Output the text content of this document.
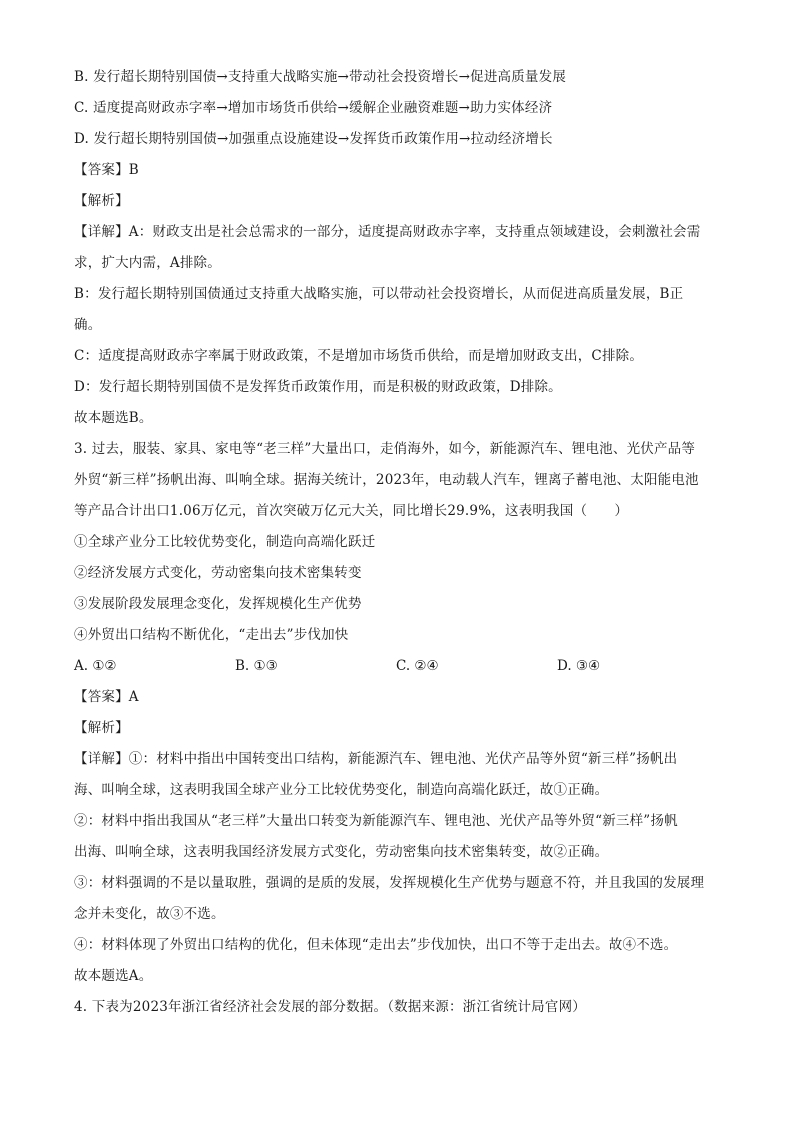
B. 发行超长期特别国债→支持重大战略实施→带动社会投资增长→促进高质量发展
C. 适度提高财政赤字率→增加市场货币供给→缓解企业融资难题→助力实体经济
D. 发行超长期特别国债→加强重点设施建设→发挥货币政策作用→拉动经济增长
【答案】B
【解析】
【详解】A：财政支出是社会总需求的一部分，适度提高财政赤字率，支持重点领域建设，会刺激社会需
求，扩大内需，A排除。
B：发行超长期特别国债通过支持重大战略实施，可以带动社会投资增长，从而促进高质量发展，B正
确。
C：适度提高财政赤字率属于财政政策，不是增加市场货币供给，而是增加财政支出，C排除。
D：发行超长期特别国债不是发挥货币政策作用，而是积极的财政政策，D排除。
故本题选B。
3. 过去，服装、家具、家电等“老三样”大量出口，走俏海外，如今，新能源汽车、锂电池、光伏产品等
外贸“新三样”扬帆出海、叫响全球。据海关统计，2023年，电动载人汽车，锂离子蓄电池、太阳能电池
等产品合计出口1.06万亿元，首次突破万亿元大关，同比增长29.9%，这表明我国（　　）
①全球产业分工比较优势变化，制造向高端化跃迁
②经济发展方式变化，劳动密集向技术密集转变
③发展阶段发展理念变化，发挥规模化生产优势
④外贸出口结构不断优化，“走出去”步伐加快
A. ①②	B. ①③	C. ②④	D. ③④
【答案】A
【解析】
【详解】①：材料中指出中国转变出口结构，新能源汽车、锂电池、光伏产品等外贸“新三样”扬帆出
海、叫响全球，这表明我国全球产业分工比较优势变化，制造向高端化跃迁，故①正确。
②：材料中指出我国从“老三样”大量出口转变为新能源汽车、锂电池、光伏产品等外贸“新三样”扬帆
出海、叫响全球，这表明我国经济发展方式变化，劳动密集向技术密集转变，故②正确。
③：材料强调的不是以量取胜，强调的是质的发展，发挥规模化生产优势与题意不符，并且我国的发展理
念并未变化，故③不选。
④：材料体现了外贸出口结构的优化，但未体现“走出去”步伐加快，出口不等于走出去。故④不选。
故本题选A。
4. 下表为2023年浙江省经济社会发展的部分数据。（数据来源：浙江省统计局官网）
